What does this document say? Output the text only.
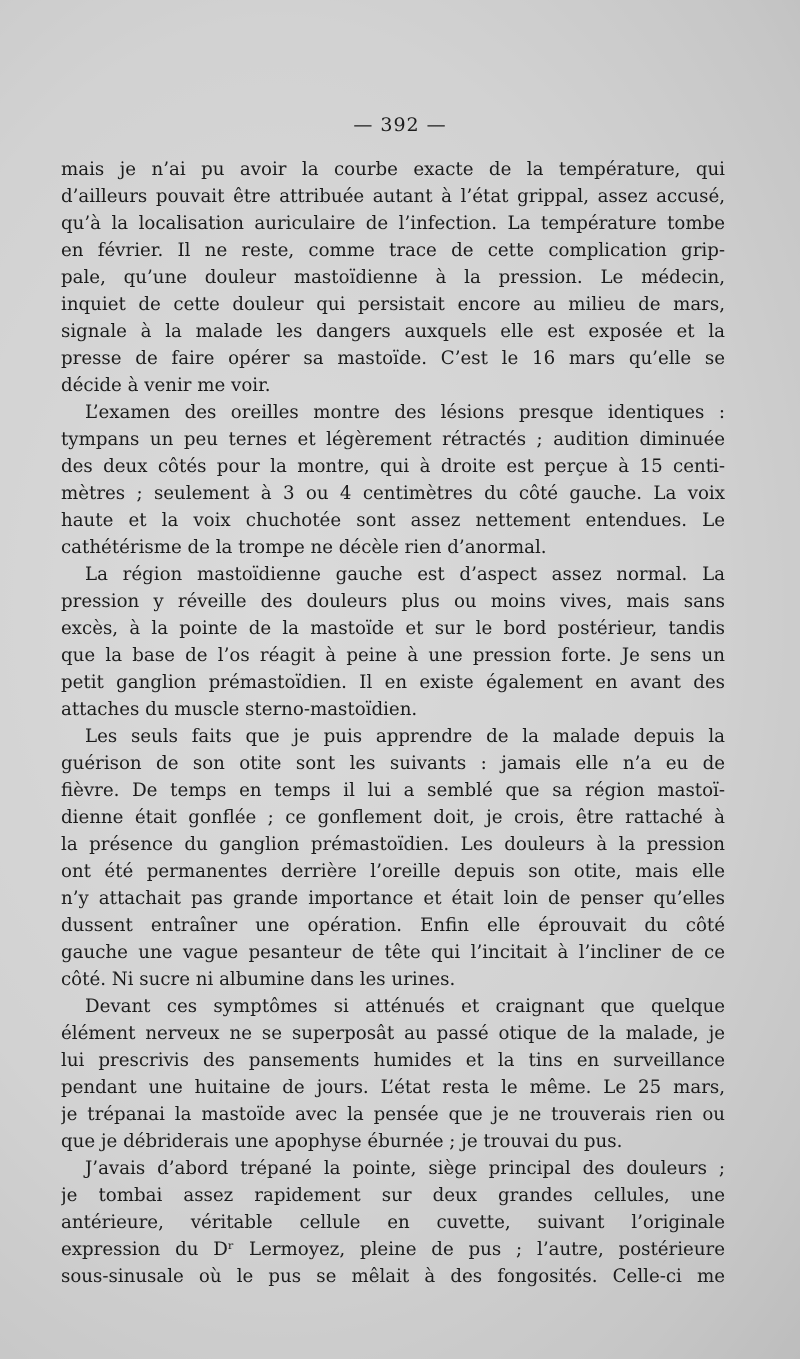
— 392 —
mais je n’ai pu avoir la courbe exacte de la température, qui
d’ailleurs pouvait être attribuée autant à l’état grippal, assez accusé,
qu’à la localisation auriculaire de l’infection. La température tombe
en février. Il ne reste, comme trace de cette complication grip-
pale, qu’une douleur mastoïdienne à la pression. Le médecin,
inquiet de cette douleur qui persistait encore au milieu de mars,
signale à la malade les dangers auxquels elle est exposée et la
presse de faire opérer sa mastoïde. C’est le 16 mars qu’elle se
décide à venir me voir.
L’examen des oreilles montre des lésions presque identiques :
tympans un peu ternes et légèrement rétractés ; audition diminuée
des deux côtés pour la montre, qui à droite est perçue à 15 centi-
mètres ; seulement à 3 ou 4 centimètres du côté gauche. La voix
haute et la voix chuchotée sont assez nettement entendues. Le
cathétérisme de la trompe ne décèle rien d’anormal.
La région mastoïdienne gauche est d’aspect assez normal. La
pression y réveille des douleurs plus ou moins vives, mais sans
excès, à la pointe de la mastoïde et sur le bord postérieur, tandis
que la base de l’os réagit à peine à une pression forte. Je sens un
petit ganglion prémastoïdien. Il en existe également en avant des
attaches du muscle sterno-mastoïdien.
Les seuls faits que je puis apprendre de la malade depuis la
guérison de son otite sont les suivants : jamais elle n’a eu de
fièvre. De temps en temps il lui a semblé que sa région mastoï-
dienne était gonflée ; ce gonflement doit, je crois, être rattaché à
la présence du ganglion prémastoïdien. Les douleurs à la pression
ont été permanentes derrière l’oreille depuis son otite, mais elle
n’y attachait pas grande importance et était loin de penser qu’elles
dussent entraîner une opération. Enfin elle éprouvait du côté
gauche une vague pesanteur de tête qui l’incitait à l’incliner de ce
côté. Ni sucre ni albumine dans les urines.
Devant ces symptômes si atténués et craignant que quelque
élément nerveux ne se superposât au passé otique de la malade, je
lui prescrivis des pansements humides et la tins en surveillance
pendant une huitaine de jours. L’état resta le même. Le 25 mars,
je trépanai la mastoïde avec la pensée que je ne trouverais rien ou
que je débriderais une apophyse éburnée ; je trouvai du pus.
J’avais d’abord trépané la pointe, siège principal des douleurs ;
je tombai assez rapidement sur deux grandes cellules, une
antérieure, véritable cellule en cuvette, suivant l’originale
expression du Dʳ Lermoyez, pleine de pus ; l’autre, postérieure
sous-sinusale où le pus se mêlait à des fongosités. Celle-ci me
